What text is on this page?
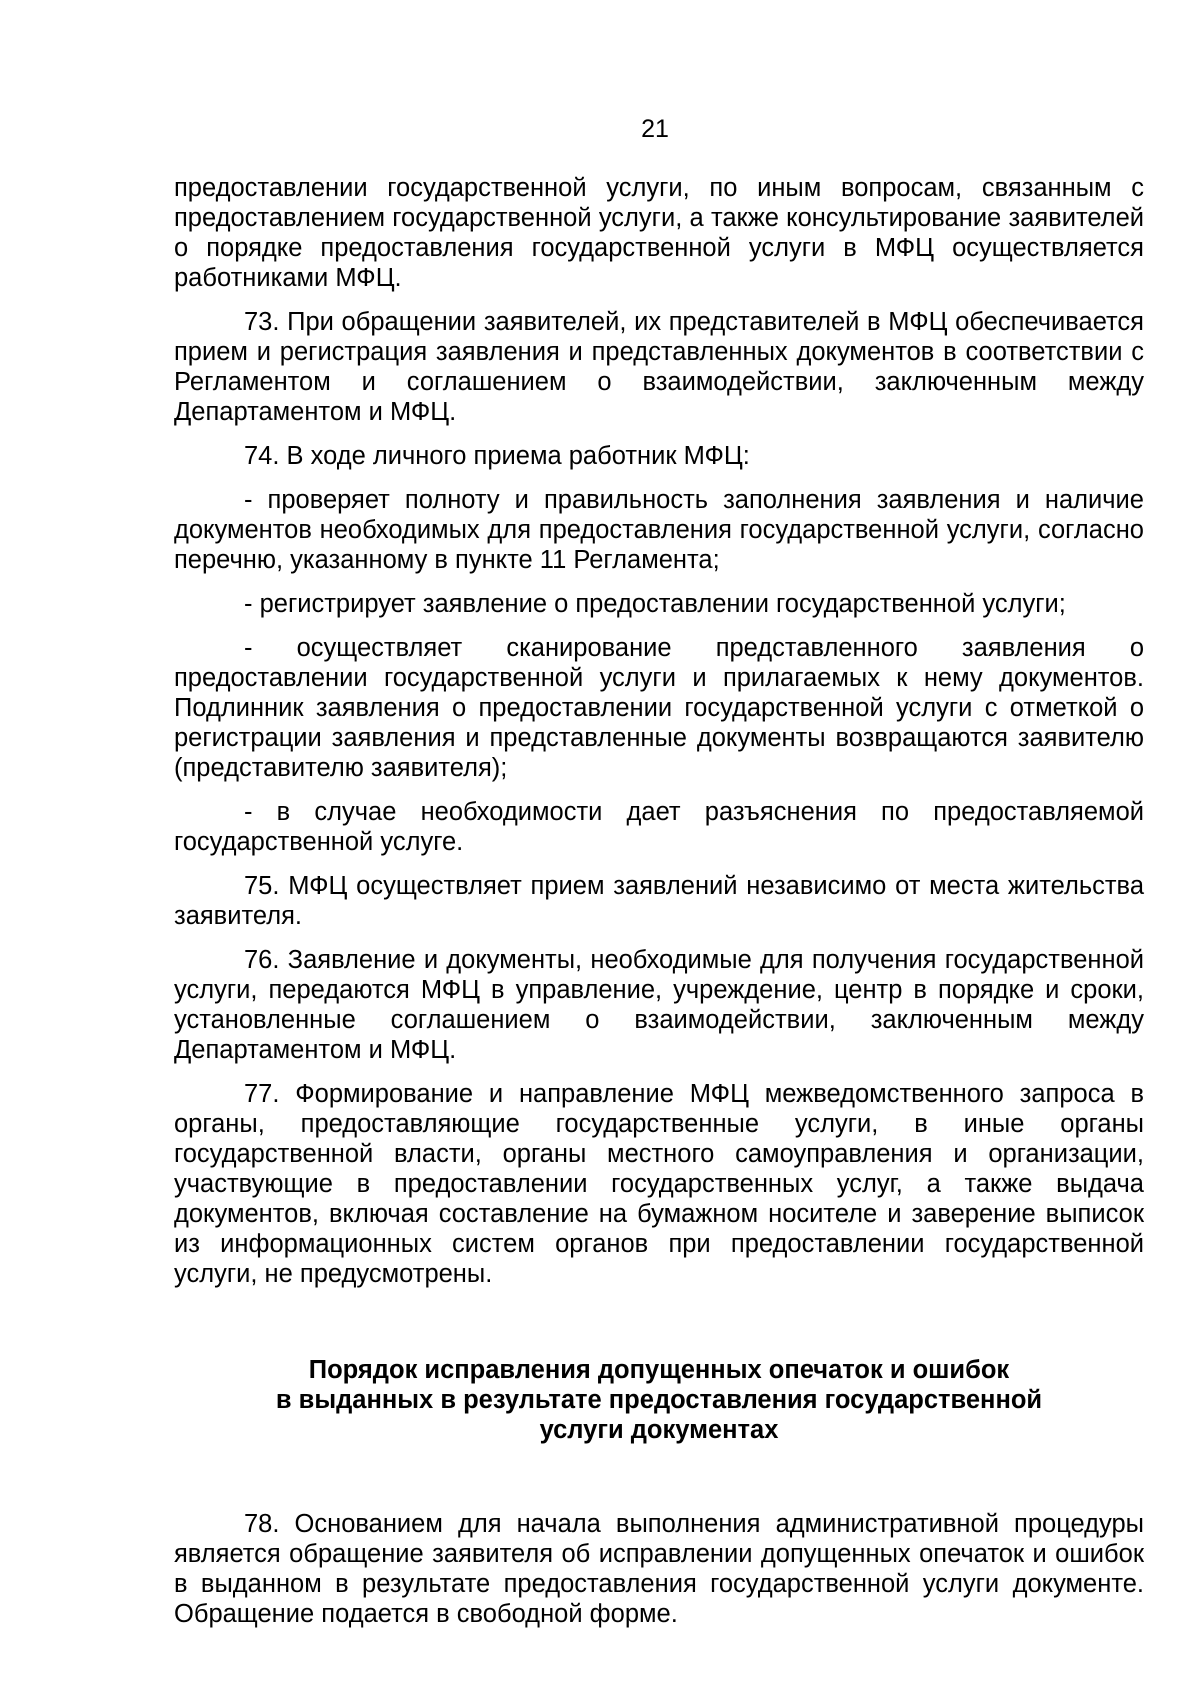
21

предоставлении государственной услуги, по иным вопросам, связанным с предоставлением государственной услуги, а также консультирование заявителей о порядке предоставления государственной услуги в МФЦ осуществляется работниками МФЦ.

73. При обращении заявителей, их представителей в МФЦ обеспечивается прием и регистрация заявления и представленных документов в соответствии с Регламентом и соглашением о взаимодействии, заключенным между Департаментом и МФЦ.

74. В ходе личного приема работник МФЦ:

- проверяет полноту и правильность заполнения заявления и наличие документов необходимых для предоставления государственной услуги, согласно перечню, указанному в пункте 11 Регламента;

- регистрирует заявление о предоставлении государственной услуги;

- осуществляет сканирование представленного заявления о предоставлении государственной услуги и прилагаемых к нему документов. Подлинник заявления о предоставлении государственной услуги с отметкой о регистрации заявления и представленные документы возвращаются заявителю (представителю заявителя);

- в случае необходимости дает разъяснения по предоставляемой государственной услуге.

75. МФЦ осуществляет прием заявлений независимо от места жительства заявителя.

76. Заявление и документы, необходимые для получения государственной услуги, передаются МФЦ в управление, учреждение, центр в порядке и сроки, установленные соглашением о взаимодействии, заключенным между Департаментом и МФЦ.

77. Формирование и направление МФЦ межведомственного запроса в органы, предоставляющие государственные услуги, в иные органы государственной власти, органы местного самоуправления и организации, участвующие в предоставлении государственных услуг, а также выдача документов, включая составление на бумажном носителе и заверение выписок из информационных систем органов при предоставлении государственной услуги, не предусмотрены.

Порядок исправления допущенных опечаток и ошибок
в выданных в результате предоставления государственной
услуги документах

78. Основанием для начала выполнения административной процедуры является обращение заявителя об исправлении допущенных опечаток и ошибок в выданном в результате предоставления государственной услуги документе. Обращение подается в свободной форме.
